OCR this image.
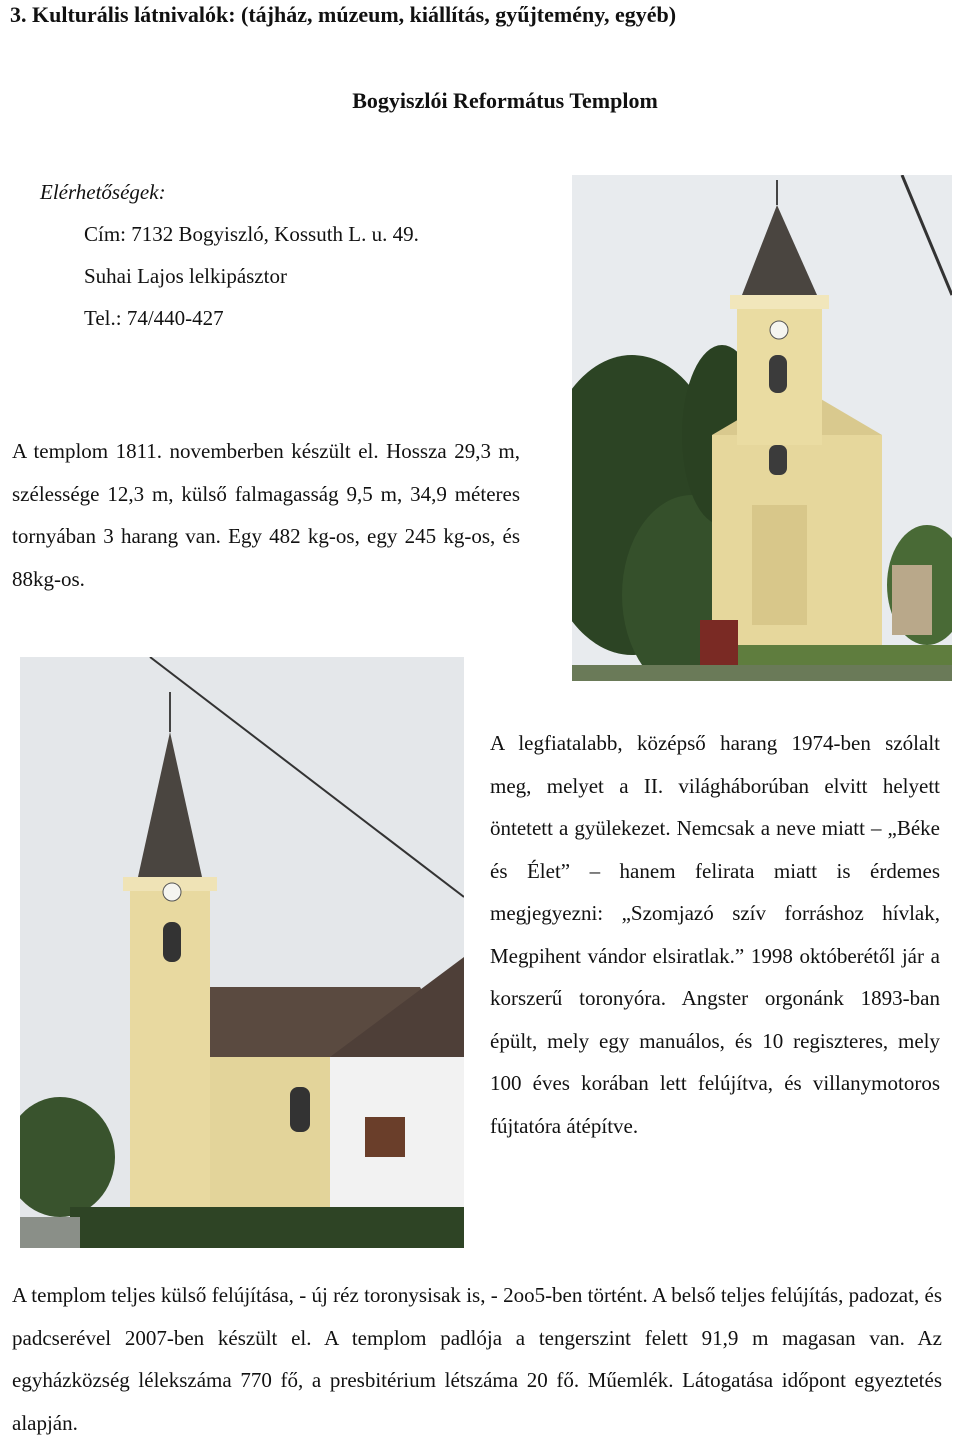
3. Kulturális látnivalók: (tájház, múzeum, kiállítás, gyűjtemény, egyéb)
Bogyiszlói Református Templom
Elérhetőségek:
Cím: 7132 Bogyiszló, Kossuth L. u. 49.
Suhai Lajos lelkipásztor
Tel.: 74/440-427
A templom 1811. novemberben készült el. Hossza 29,3 m, szélessége 12,3 m, külső falmagasság 9,5 m, 34,9 méteres tornyában 3 harang van. Egy 482 kg-os, egy 245 kg-os, és 88kg-os.
A legfiatalabb, középső harang 1974-ben szólalt meg, melyet a II. világháborúban elvitt helyett öntetett a gyülekezet. Nemcsak a neve miatt – „Béke és Élet” – hanem felirata miatt is érdemes megjegyezni: „Szomjazó szív forráshoz hívlak, Megpihent vándor elsiratlak.” 1998 októberétől jár a korszerű toronyóra. Angster orgonánk 1893-ban épült, mely egy manuálos, és 10 regiszteres, mely 100 éves korában lett felújítva, és villanymotoros fújtatóra átépítve.
A templom teljes külső felújítása, - új réz toronysisak is, - 2oo5-ben történt. A belső teljes felújítás, padozat, és padcserével 2007-ben készült el. A templom padlója a tengerszint felett 91,9 m magasan van. Az egyházközség lélekszáma 770 fő, a presbitérium létszáma 20 fő. Műemlék. Látogatása időpont egyeztetés alapján.
